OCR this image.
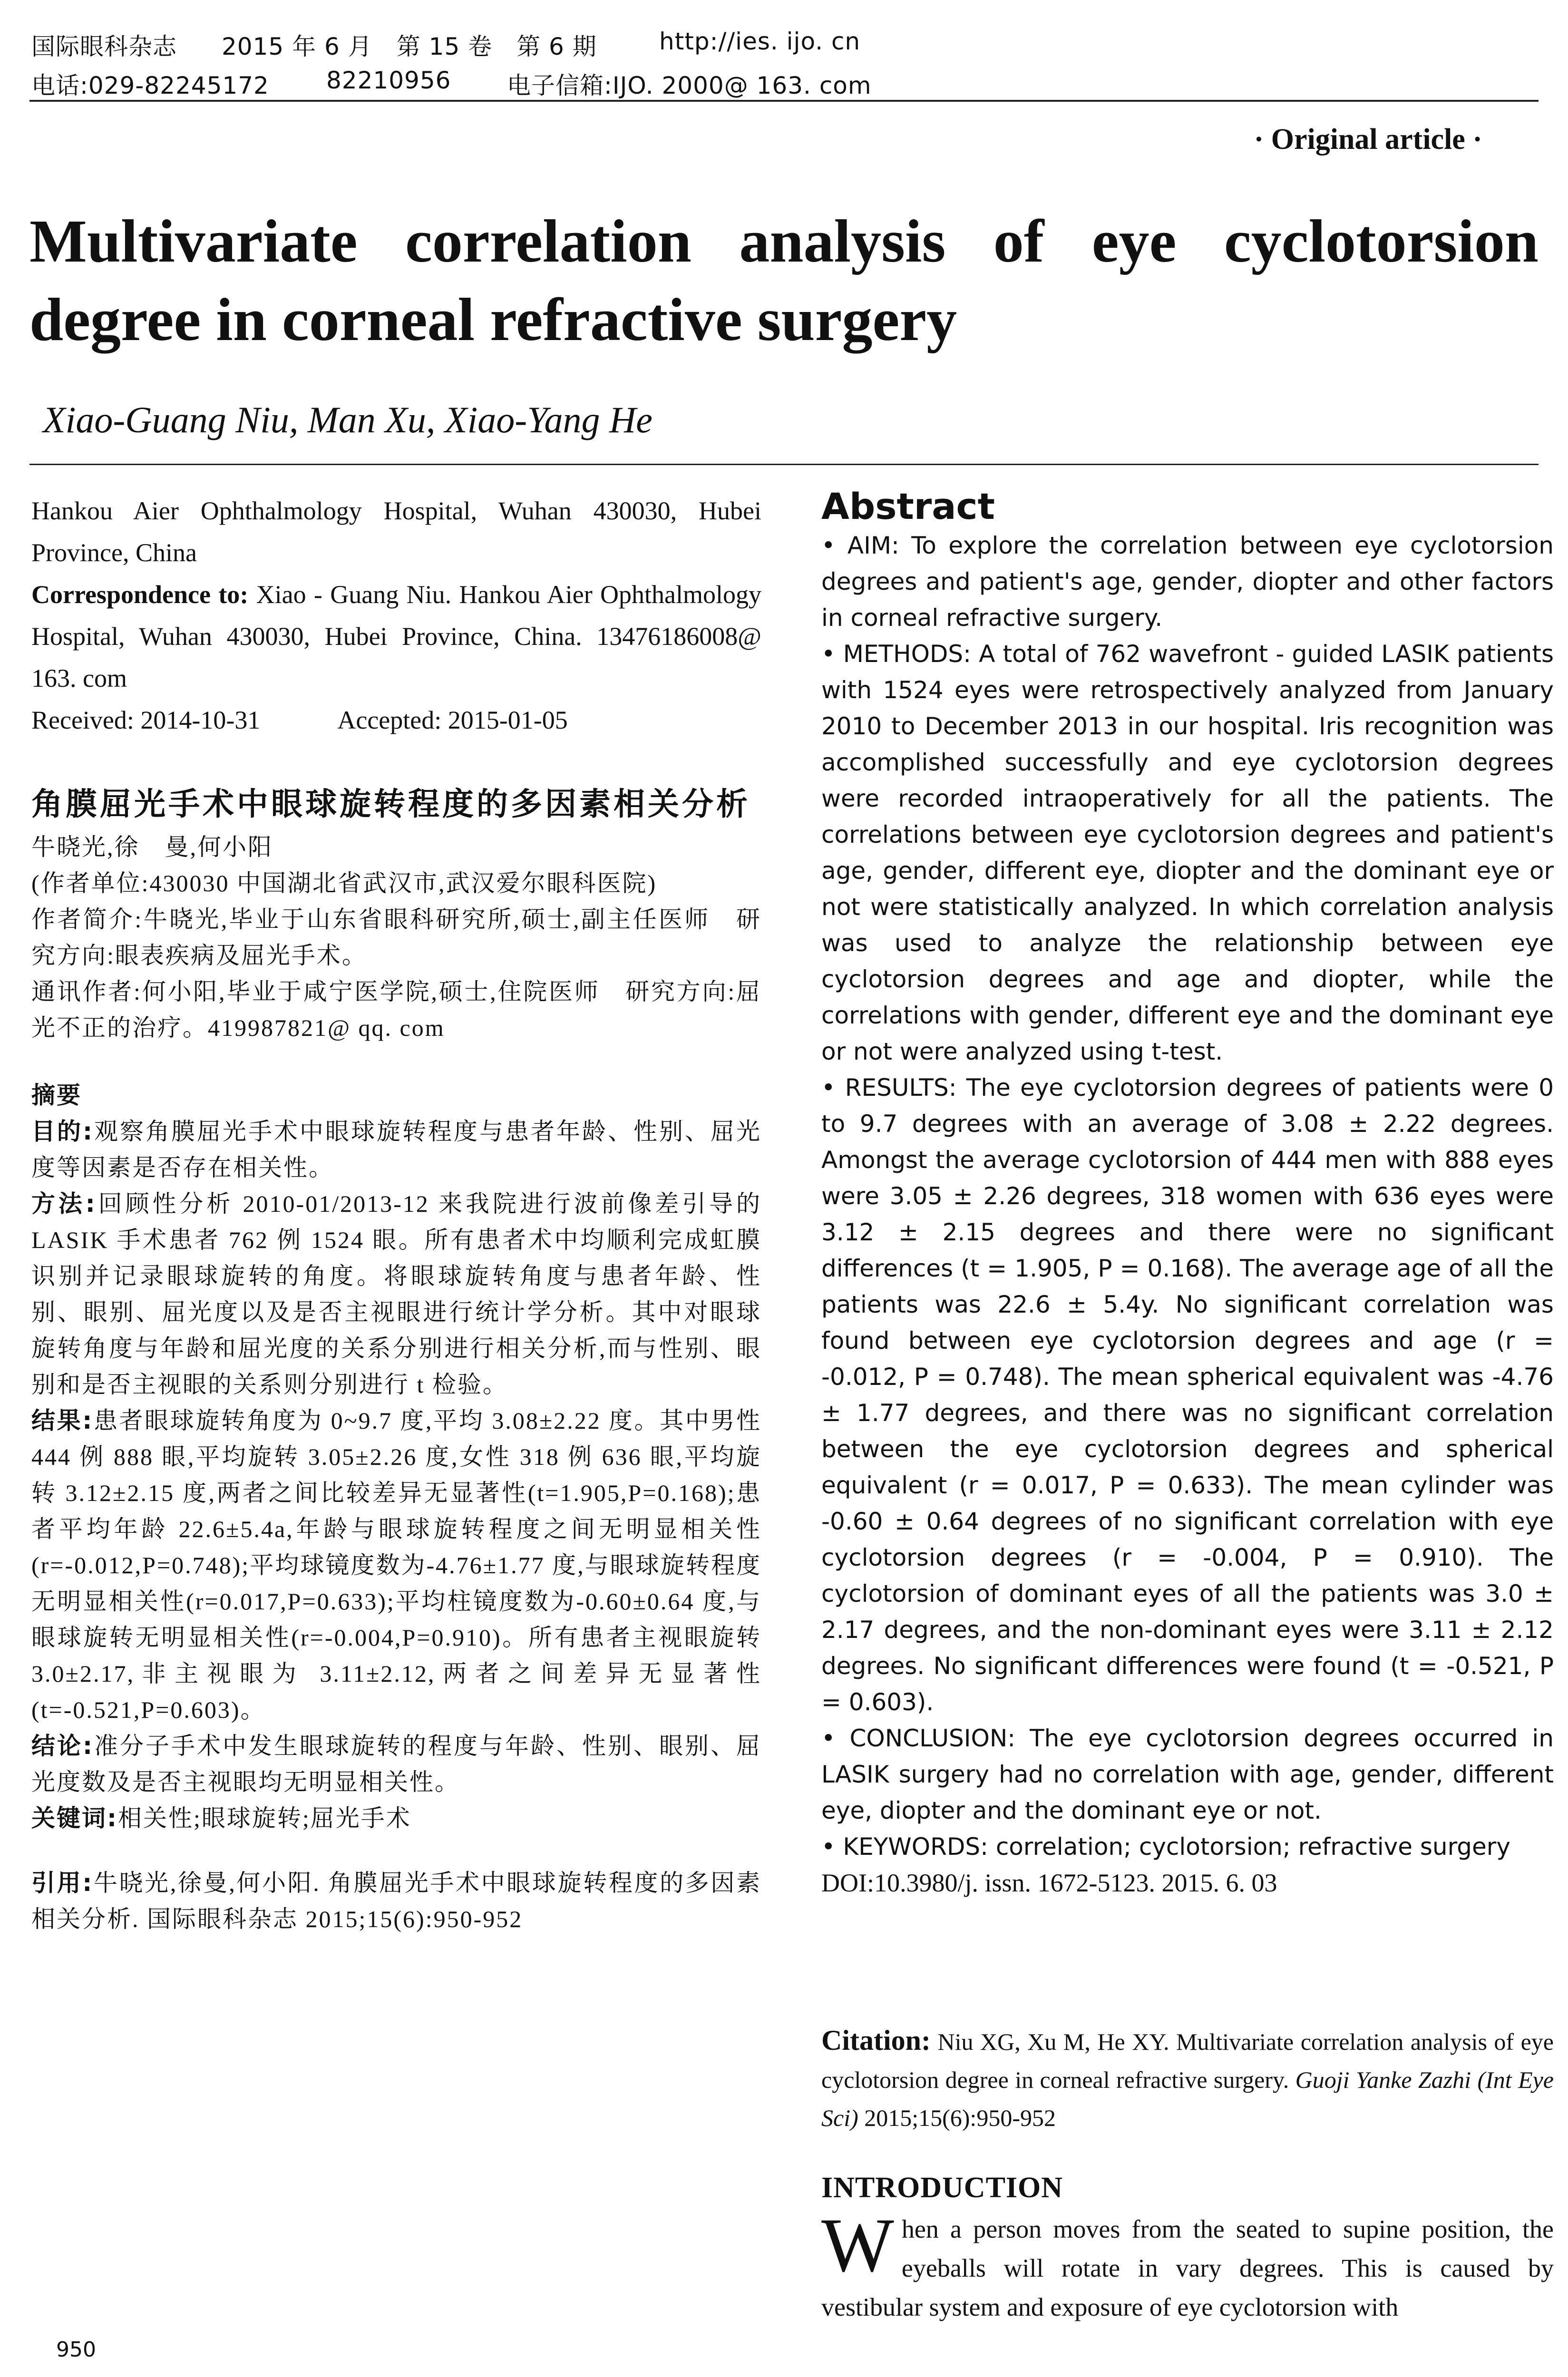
国际眼科杂志 2015 年 6 月　第 15 卷　第 6 期	http://ies. ijo. cn
电话:029-82245172 82210956 电子信箱:IJO. 2000@ 163. com
· Original article ·
Multivariate correlation analysis of eye cyclotorsion degree in corneal refractive surgery
Xiao-Guang Niu, Man Xu, Xiao-Yang He

Hankou Aier Ophthalmology Hospital, Wuhan 430030, Hubei Province, China

Correspondence to: Xiao - Guang Niu. Hankou Aier Ophthalmology Hospital, Wuhan 430030, Hubei Province, China. 13476186008@ 163. com

Received: 2014-10-31　　　Accepted: 2015-01-05

角膜屈光手术中眼球旋转程度的多因素相关分析

牛晓光,徐　曼,何小阳

(作者单位:430030 中国湖北省武汉市,武汉爱尔眼科医院)

作者简介:牛晓光,毕业于山东省眼科研究所,硕士,副主任医师　研究方向:眼表疾病及屈光手术。

通讯作者:何小阳,毕业于咸宁医学院,硕士,住院医师　研究方向:屈光不正的治疗。419987821@ qq. com

摘要

目的:观察角膜屈光手术中眼球旋转程度与患者年龄、性别、屈光度等因素是否存在相关性。

方法:回顾性分析 2010-01/2013-12 来我院进行波前像差引导的 LASIK 手术患者 762 例 1524 眼。所有患者术中均顺利完成虹膜识别并记录眼球旋转的角度。将眼球旋转角度与患者年龄、性别、眼别、屈光度以及是否主视眼进行统计学分析。其中对眼球旋转角度与年龄和屈光度的关系分别进行相关分析,而与性别、眼别和是否主视眼的关系则分别进行 t 检验。

结果:患者眼球旋转角度为 0~9.7 度,平均 3.08±2.22 度。其中男性 444 例 888 眼,平均旋转 3.05±2.26 度,女性 318 例 636 眼,平均旋转 3.12±2.15 度,两者之间比较差异无显著性(t=1.905,P=0.168);患者平均年龄 22.6±5.4a,年龄与眼球旋转程度之间无明显相关性(r=-0.012,P=0.748);平均球镜度数为-4.76±1.77 度,与眼球旋转程度无明显相关性(r=0.017,P=0.633);平均柱镜度数为-0.60±0.64 度,与眼球旋转无明显相关性(r=-0.004,P=0.910)。所有患者主视眼旋转 3.0±2.17,非主视眼为 3.11±2.12,两者之间差异无显著性(t=-0.521,P=0.603)。

结论:准分子手术中发生眼球旋转的程度与年龄、性别、眼别、屈光度数及是否主视眼均无明显相关性。

关键词:相关性;眼球旋转;屈光手术

引用:牛晓光,徐曼,何小阳. 角膜屈光手术中眼球旋转程度的多因素相关分析. 国际眼科杂志 2015;15(6):950-952

Abstract

• AIM: To explore the correlation between eye cyclotorsion degrees and patient's age, gender, diopter and other factors in corneal refractive surgery.

• METHODS: A total of 762 wavefront - guided LASIK patients with 1524 eyes were retrospectively analyzed from January 2010 to December 2013 in our hospital. Iris recognition was accomplished successfully and eye cyclotorsion degrees were recorded intraoperatively for all the patients. The correlations between eye cyclotorsion degrees and patient's age, gender, different eye, diopter and the dominant eye or not were statistically analyzed. In which correlation analysis was used to analyze the relationship between eye cyclotorsion degrees and age and diopter, while the correlations with gender, different eye and the dominant eye or not were analyzed using t-test.

• RESULTS: The eye cyclotorsion degrees of patients were 0 to 9.7 degrees with an average of 3.08 ± 2.22 degrees. Amongst the average cyclotorsion of 444 men with 888 eyes were 3.05 ± 2.26 degrees, 318 women with 636 eyes were 3.12 ± 2.15 degrees and there were no significant differences (t = 1.905, P = 0.168). The average age of all the patients was 22.6 ± 5.4y. No significant correlation was found between eye cyclotorsion degrees and age (r = -0.012, P = 0.748). The mean spherical equivalent was -4.76 ± 1.77 degrees, and there was no significant correlation between the eye cyclotorsion degrees and spherical equivalent (r = 0.017, P = 0.633). The mean cylinder was -0.60 ± 0.64 degrees of no significant correlation with eye cyclotorsion degrees (r = -0.004, P = 0.910). The cyclotorsion of dominant eyes of all the patients was 3.0 ± 2.17 degrees, and the non-dominant eyes were 3.11 ± 2.12 degrees. No significant differences were found (t = -0.521, P = 0.603).

• CONCLUSION: The eye cyclotorsion degrees occurred in LASIK surgery had no correlation with age, gender, different eye, diopter and the dominant eye or not.

• KEYWORDS: correlation; cyclotorsion; refractive surgery

DOI:10.3980/j. issn. 1672-5123. 2015. 6. 03

Citation: Niu XG, Xu M, He XY. Multivariate correlation analysis of eye cyclotorsion degree in corneal refractive surgery. Guoji Yanke Zazhi (Int Eye Sci) 2015;15(6):950-952
INTRODUCTION

When a person moves from the seated to supine position, the eyeballs will rotate in vary degrees. This is caused by vestibular system and exposure of eye cyclotorsion with

950
